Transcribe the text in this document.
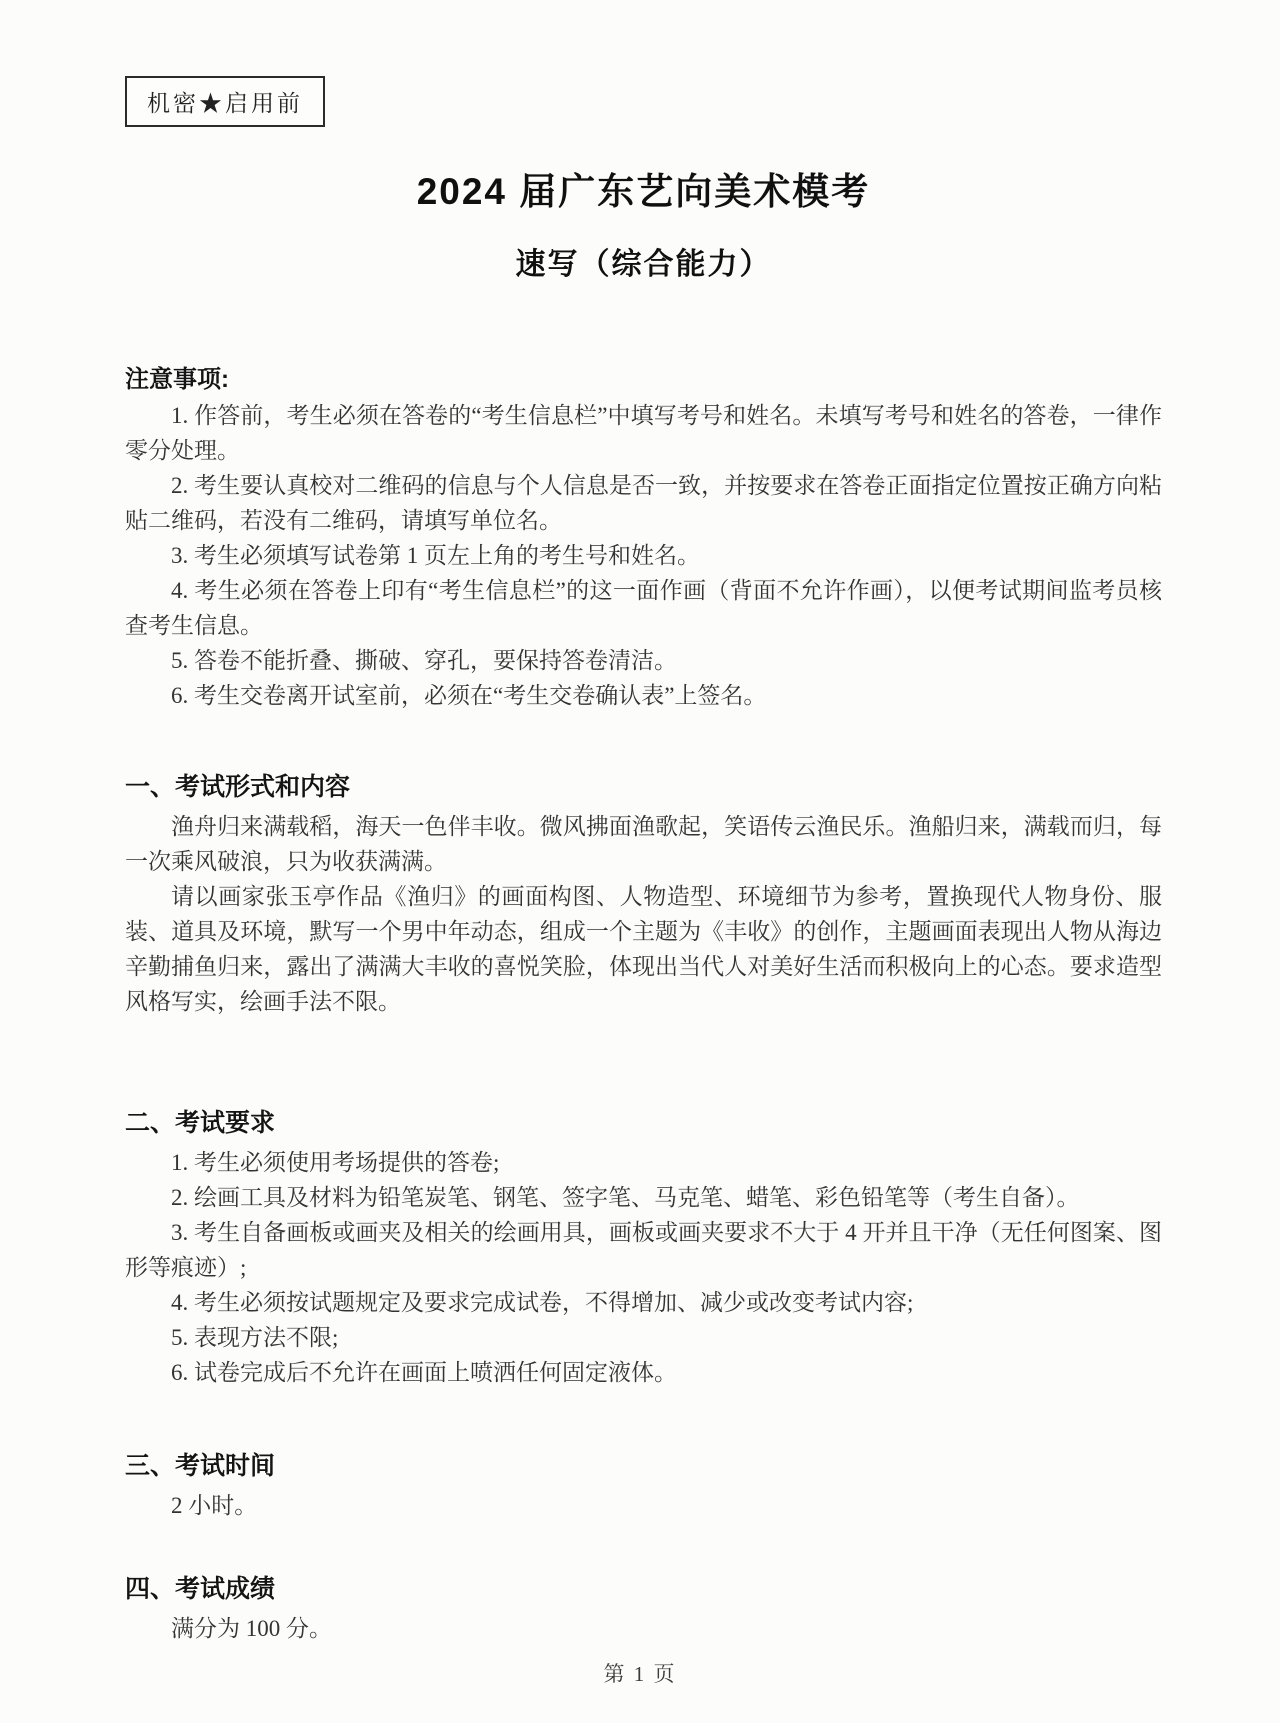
机密★启用前
2024 届广东艺向美术模考
速写（综合能力）
注意事项:

1. 作答前，考生必须在答卷的“考生信息栏”中填写考号和姓名。未填写考号和姓名的答卷，一律作零分处理。

2. 考生要认真校对二维码的信息与个人信息是否一致，并按要求在答卷正面指定位置按正确方向粘贴二维码，若没有二维码，请填写单位名。

3. 考生必须填写试卷第 1 页左上角的考生号和姓名。

4. 考生必须在答卷上印有“考生信息栏”的这一面作画（背面不允许作画），以便考试期间监考员核查考生信息。

5. 答卷不能折叠、撕破、穿孔，要保持答卷清洁。

6. 考生交卷离开试室前，必须在“考生交卷确认表”上签名。

一、考试形式和内容

渔舟归来满载稻，海天一色伴丰收。微风拂面渔歌起，笑语传云渔民乐。渔船归来，满载而归，每一次乘风破浪，只为收获满满。

请以画家张玉亭作品《渔归》的画面构图、人物造型、环境细节为参考，置换现代人物身份、服装、道具及环境，默写一个男中年动态，组成一个主题为《丰收》的创作，主题画面表现出人物从海边辛勤捕鱼归来，露出了满满大丰收的喜悦笑脸，体现出当代人对美好生活而积极向上的心态。要求造型风格写实，绘画手法不限。

二、考试要求

1. 考生必须使用考场提供的答卷;

2. 绘画工具及材料为铅笔炭笔、钢笔、签字笔、马克笔、蜡笔、彩色铅笔等（考生自备）。

3. 考生自备画板或画夹及相关的绘画用具，画板或画夹要求不大于 4 开并且干净（无任何图案、图形等痕迹）;

4. 考生必须按试题规定及要求完成试卷，不得增加、减少或改变考试内容;

5. 表现方法不限;

6. 试卷完成后不允许在画面上喷洒任何固定液体。

三、考试时间

2 小时。

四、考试成绩

满分为 100 分。

第 1 页
